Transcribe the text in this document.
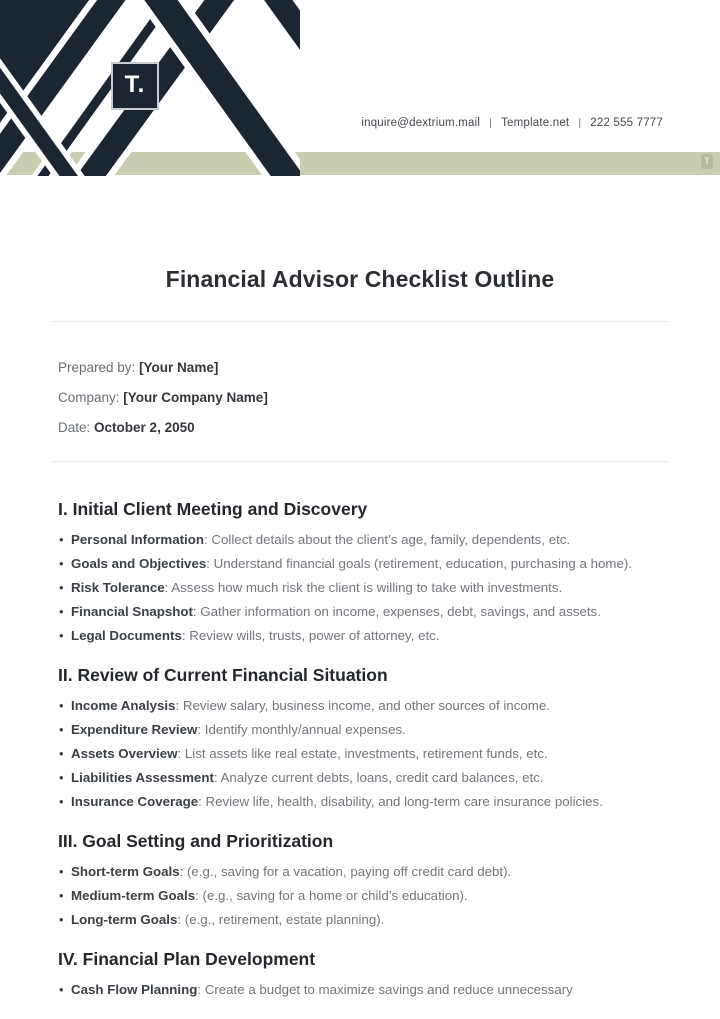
T
T.
inquire@dextrium.mail | Template.net | 222 555 7777
Financial Advisor Checklist Outline
Prepared by: [Your Name]
Company: [Your Company Name]
Date: October 2, 2050
I. Initial Client Meeting and Discovery
• Personal Information: Collect details about the client’s age, family, dependents, etc.
• Goals and Objectives: Understand financial goals (retirement, education, purchasing a home).
• Risk Tolerance: Assess how much risk the client is willing to take with investments.
• Financial Snapshot: Gather information on income, expenses, debt, savings, and assets.
• Legal Documents: Review wills, trusts, power of attorney, etc.
II. Review of Current Financial Situation
• Income Analysis: Review salary, business income, and other sources of income.
• Expenditure Review: Identify monthly/annual expenses.
• Assets Overview: List assets like real estate, investments, retirement funds, etc.
• Liabilities Assessment: Analyze current debts, loans, credit card balances, etc.
• Insurance Coverage: Review life, health, disability, and long-term care insurance policies.
III. Goal Setting and Prioritization
• Short-term Goals: (e.g., saving for a vacation, paying off credit card debt).
• Medium-term Goals: (e.g., saving for a home or child’s education).
• Long-term Goals: (e.g., retirement, estate planning).
IV. Financial Plan Development
• Cash Flow Planning: Create a budget to maximize savings and reduce unnecessary
